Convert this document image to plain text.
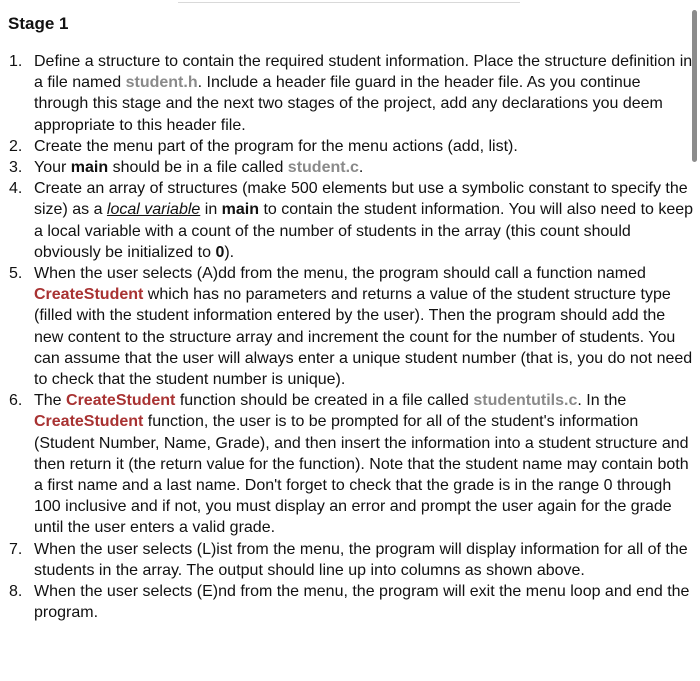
Stage 1
1. Define a structure to contain the required student information. Place the structure definition in a file named student.h. Include a header file guard in the header file. As you continue through this stage and the next two stages of the project, add any declarations you deem appropriate to this header file.
2. Create the menu part of the program for the menu actions (add, list).
3. Your main should be in a file called student.c.
4. Create an array of structures (make 500 elements but use a symbolic constant to specify the size) as a local variable in main to contain the student information. You will also need to keep a local variable with a count of the number of students in the array (this count should obviously be initialized to 0).
5. When the user selects (A)dd from the menu, the program should call a function named CreateStudent which has no parameters and returns a value of the student structure type (filled with the student information entered by the user). Then the program should add the new content to the structure array and increment the count for the number of students. You can assume that the user will always enter a unique student number (that is, you do not need to check that the student number is unique).
6. The CreateStudent function should be created in a file called studentutils.c. In the CreateStudent function, the user is to be prompted for all of the student's information (Student Number, Name, Grade), and then insert the information into a student structure and then return it (the return value for the function). Note that the student name may contain both a first name and a last name. Don't forget to check that the grade is in the range 0 through 100 inclusive and if not, you must display an error and prompt the user again for the grade until the user enters a valid grade.
7. When the user selects (L)ist from the menu, the program will display information for all of the students in the array. The output should line up into columns as shown above.
8. When the user selects (E)nd from the menu, the program will exit the menu loop and end the program.
